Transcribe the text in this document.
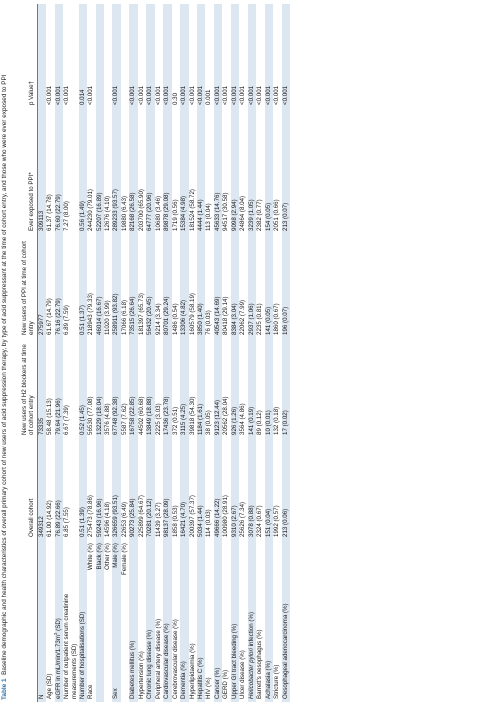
Table 1  Baseline demographic and health characteristics of overall primary cohort of new users of acid suppression therapy, by type of acid suppressant at the time of cohort entry, and those who were ever exposed to PPI
			Overall cohort	New users of H2 blockers at time of cohort entry	New users of PPI at time of cohort entry	Ever exposed to PPI*	p Value†
N		349312	73335	275977	309113	
Age (SD)		61.00 (14.92)	58.48 (15.13)	61.67 (14.79)	61.37 (14.78)	<0.001
eGFR in $mL/\min/1.73m^2$ (SD)		76.89 (22.66)	79.64 (21.96)	76.16 (22.79)	76.60 (22.79)	<0.001
Number of outpatient serum creatinine measurements (SD)		6.85 (7.55)	6.67 (7.39)	6.89 (7.59)	7.27 (8.00)	<0.001
Number of hospitalisations (SD)		0.51 (1.39)	0.52 (1.45)	0.51 (1.37)	0.56 (1.49)	0.014
Race	White (%)	275473 (78.86)	56530 (77.08)	218943 (79.33)	244230 (79.01)	<0.001
	Black (%)	59243 (16.96)	13229 (18.04)	46014 (16.67)	52207 (16.89)	
	Other (%)	14596 (4.18)	3576 (4.88)	11020 (3.99)	12676 (4.10)	
Sex	Male (%)	326659 (93.51)	67748 (92.38)	258911 (93.82)	289233 (93.57)	<0.001
	Female (%)	22653 (6.49)	5587 (7.62)	17066 (6.18)	19880 (6.43)	
Diabetes mellitus (%)		90273 (25.84)	16758 (22.85)	73515 (26.64)	82168 (26.58)	<0.001
Hypertension (%)		225899 (64.67)	44502 (60.68)	181397 (65.73)	203700 (65.90)	<0.001
Chronic lung disease (%)		70281 (20.12)	13849 (18.88)	56432 (20.45)	64777 (20.96)	<0.001
Peripheral artery disease (%)		11439 (3.27)	2225 (3.03)	9214 (3.34)	10680 (3.46)	<0.001
Cardiovascular disease (%)		98137 (28.09)	17436 (23.78)	80701 (29.24)	89878 (29.08)	<0.001
Cerebrovascular disease (%)		1858 (0.53)	372 (0.51)	1486 (0.54)	1719 (0.56)	0.30
Dementia (%)		16421 (4.70)	3115 (4.25)	13306 (4.82)	15384 (4.98)	<0.001
Hyperlipidaemia (%)		200397 (57.37)	39818 (54.30)	160579 (58.19)	181524 (58.72)	<0.001
Hepatitis C (%)		5034 (1.44)	1184 (1.61)	3850 (1.40)	4444 (1.44)	<0.001
HIV (%)		114 (0.03)	38 (0.05)	76 (0.03)	113 (0.04)	0.001
Cancer (%)		49666 (14.22)	9123 (12.44)	40543 (14.69)	45633 (14.76)	<0.001
GERD (%)		100980 (28.91)	20562 (28.04)	80418 (29.14)	94517 (30.58)	<0.001
Upper GI tract bleeding (%)		9310 (2.67)	926 (1.26)	8384 (3.04)	9098 (2.94)	<0.001
Ulcer disease (%)		25626 (7.34)	3564 (4.86)	22062 (7.99)	24864 (8.04)	<0.001
Helicobacter pylori infection (%)		3078 (0.88)	141 (0.19)	2937 (1.06)	3239 (1.05)	<0.001
Barrett's oesophagus (%)		2324 (0.67)	89 (0.12)	2235 (0.81)	2382 (0.77)	<0.001
Achalasia (%)		151 (0.04)	10 (0.01)	141 (0.05)	154 (0.05)	<0.001
Stricture (%)		1992 (0.57)	132 (0.18)	1860 (0.67)	2051 (0.66)	<0.001
Oesophageal adenocarcinoma (%)		213 (0.06)	17 (0.02)	196 (0.07)	213 (0.07)	<0.001
